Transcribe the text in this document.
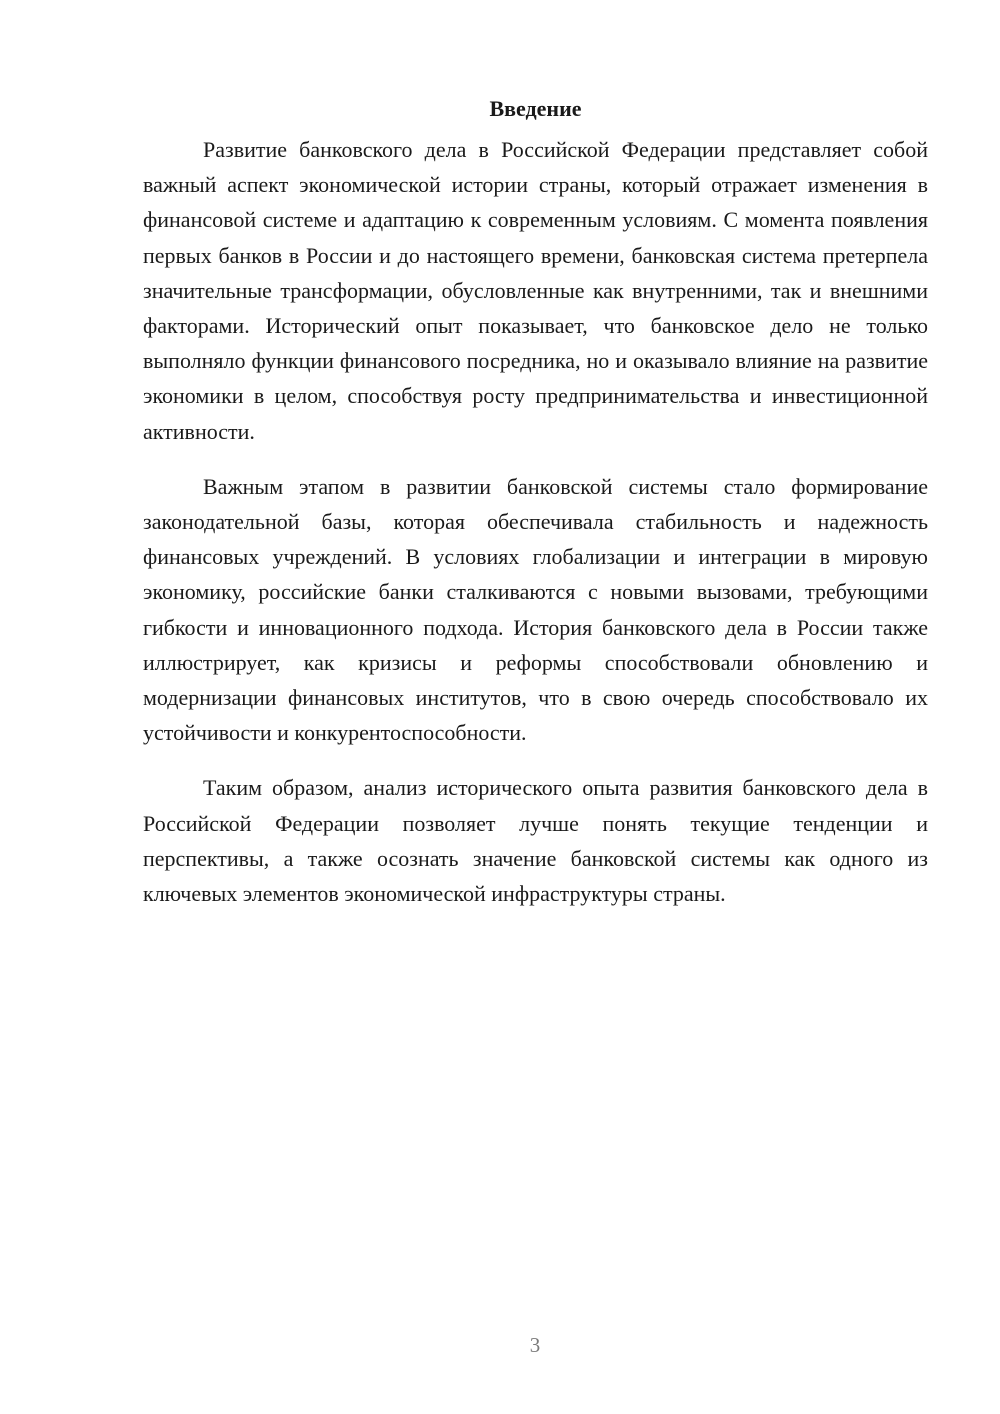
Введение

Развитие банковского дела в Российской Федерации представляет собой важный аспект экономической истории страны, который отражает изменения в финансовой системе и адаптацию к современным условиям. С момента появления первых банков в России и до настоящего времени, банковская система претерпела значительные трансформации, обусловленные как внутренними, так и внешними факторами. Исторический опыт показывает, что банковское дело не только выполняло функции финансового посредника, но и оказывало влияние на развитие экономики в целом, способствуя росту предпринимательства и инвестиционной активности.

Важным этапом в развитии банковской системы стало формирование законодательной базы, которая обеспечивала стабильность и надежность финансовых учреждений. В условиях глобализации и интеграции в мировую экономику, российские банки сталкиваются с новыми вызовами, требующими гибкости и инновационного подхода. История банковского дела в России также иллюстрирует, как кризисы и реформы способствовали обновлению и модернизации финансовых институтов, что в свою очередь способствовало их устойчивости и конкурентоспособности.

Таким образом, анализ исторического опыта развития банковского дела в Российской Федерации позволяет лучше понять текущие тенденции и перспективы, а также осознать значение банковской системы как одного из ключевых элементов экономической инфраструктуры страны.

3
